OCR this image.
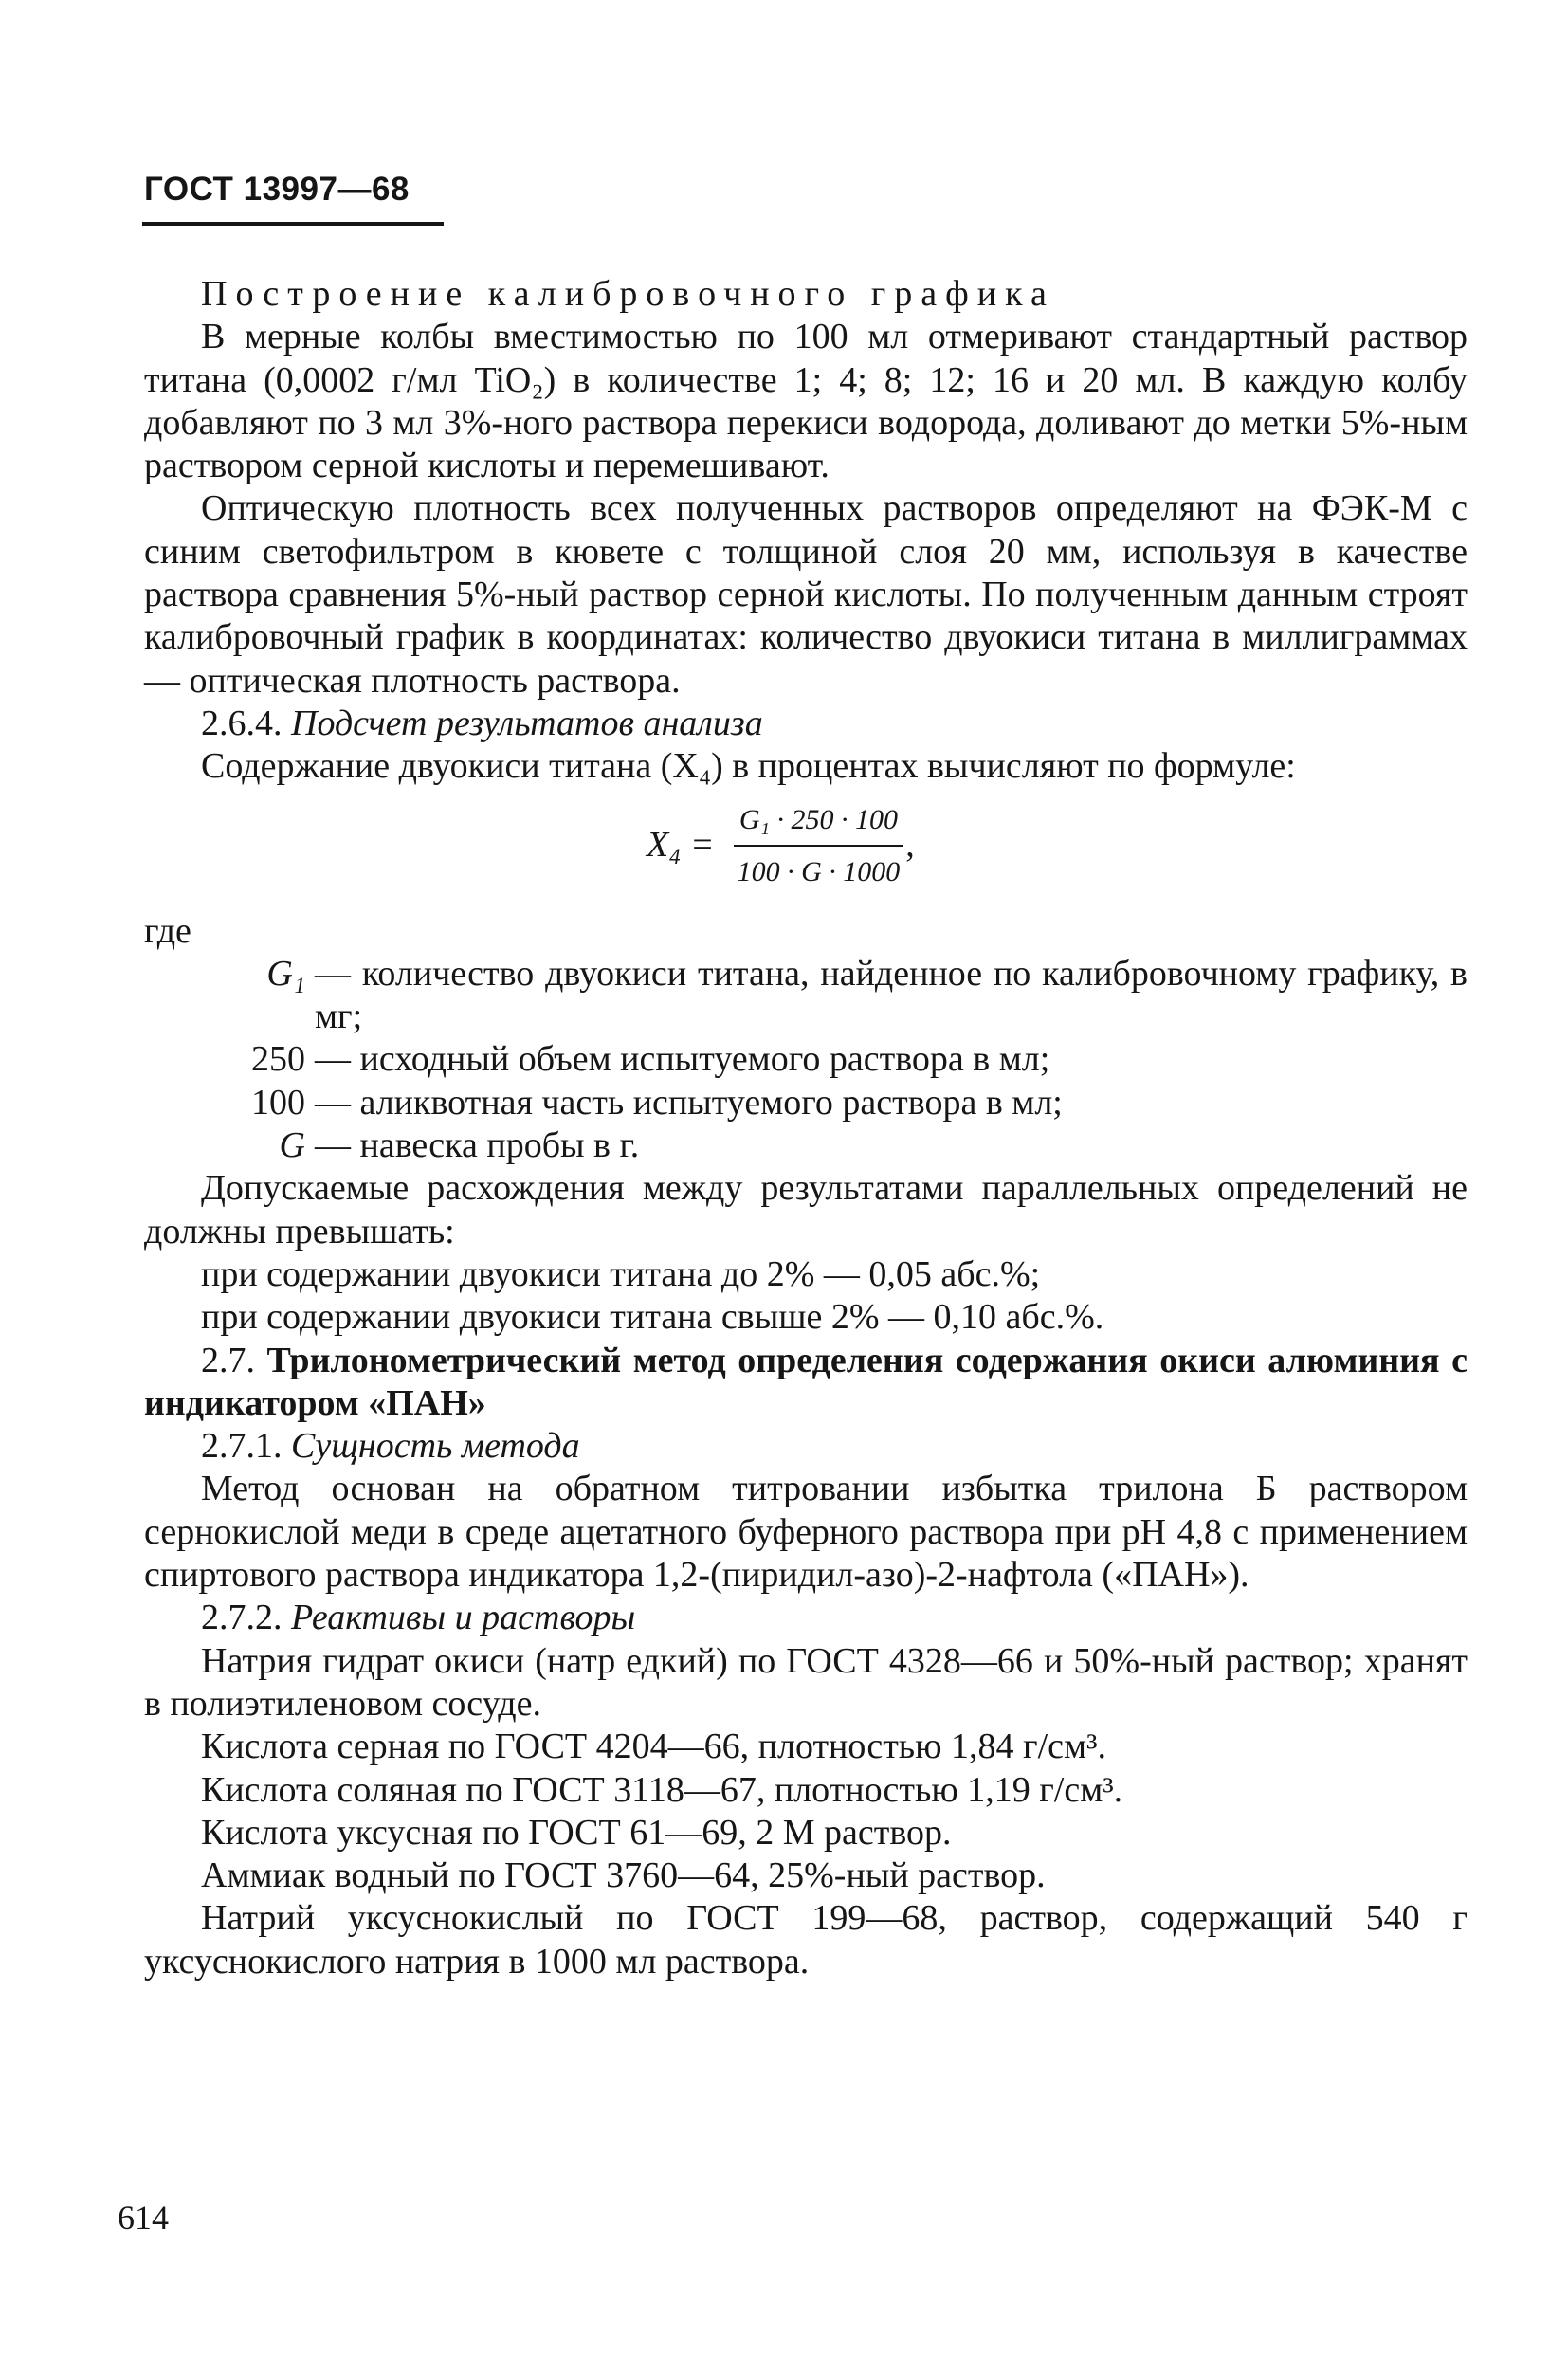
ГОСТ 13997—68

Построение калибровочного графика

В мерные колбы вместимостью по 100 мл отмеривают стандартный раствор титана (0,0002 г/мл TiO₂) в количестве 1; 4; 8; 12; 16 и 20 мл. В каждую колбу добавляют по 3 мл 3%-ного раствора перекиси водорода, доливают до метки 5%-ным раствором серной кислоты и перемешивают.

Оптическую плотность всех полученных растворов определяют на ФЭК-М с синим светофильтром в кювете с толщиной слоя 20 мм, используя в качестве раствора сравнения 5%-ный раствор серной кислоты. По полученным данным строят калибровочный график в координатах: количество двуокиси титана в миллиграммах — оптическая плотность раствора.

2.6.4. Подсчет результатов анализа

Содержание двуокиси титана (X₄) в процентах вычисляют по формуле:

$X_4 = \frac{\text{G₁ · 250 · 100}}{100 \cdot G \cdot 1000}$ ,

где

G₁ — количество двуокиси титана, найденное по калибровочному графику, в мг;
250 — исходный объем испытуемого раствора в мл;
100 — аликвотная часть испытуемого раствора в мл;
G — навеска пробы в г.

Допускаемые расхождения между результатами параллельных определений не должны превышать:

при содержании двуокиси титана до 2% — 0,05 абс.%;

при содержании двуокиси титана свыше 2% — 0,10 абс.%.

2.7. Трилонометрический метод определения содержания окиси алюминия с индикатором «ПАН»

2.7.1. Сущность метода

Метод основан на обратном титровании избытка трилона Б раствором сернокислой меди в среде ацетатного буферного раствора при pH 4,8 с применением спиртового раствора индикатора 1,2-(пиридил-азо)-2-нафтола («ПАН»).

2.7.2. Реактивы и растворы

Натрия гидрат окиси (натр едкий) по ГОСТ 4328—66 и 50%-ный раствор; хранят в полиэтиленовом сосуде.

Кислота серная по ГОСТ 4204—66, плотностью 1,84 г/см³.

Кислота соляная по ГОСТ 3118—67, плотностью 1,19 г/см³.

Кислота уксусная по ГОСТ 61—69, 2 М раствор.

Аммиак водный по ГОСТ 3760—64, 25%-ный раствор.

Натрий уксуснокислый по ГОСТ 199—68, раствор, содержащий 540 г уксуснокислого натрия в 1000 мл раствора.

614
